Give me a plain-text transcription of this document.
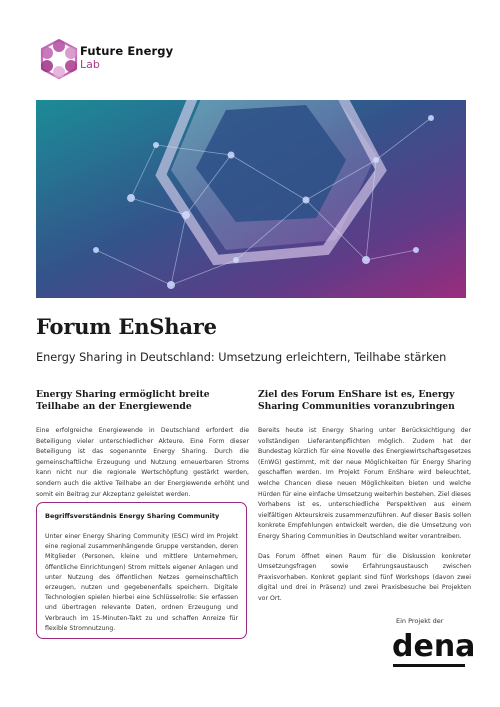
Future Energy
Lab
Forum EnShare

Energy Sharing in Deutschland: Umsetzung erleichtern, Teilhabe stärken

Energy Sharing ermöglicht breite Teilhabe an der Energiewende

Eine erfolgreiche Energiewende in Deutschland erfordert die Beteiligung vieler unterschiedlicher Akteure. Eine Form dieser Beteiligung ist das sogenannte Energy Sharing. Durch die gemeinschaftliche Erzeugung und Nutzung erneuerbaren Stroms kann nicht nur die regionale Wertschöpfung gestärkt werden, sondern auch die aktive Teilhabe an der Energiewende erhöht und somit ein Beitrag zur Akzeptanz geleistet werden.

Begriffsverständnis Energy Sharing Community

Unter einer Energy Sharing Community (ESC) wird im Projekt eine regional zusammenhängende Gruppe verstanden, deren Mitglieder (Personen, kleine und mittlere Unternehmen, öffentliche Einrichtungen) Strom mittels eigener Anlagen und unter Nutzung des öffentlichen Netzes gemeinschaftlich erzeugen, nutzen und gegebenenfalls speichern. Digitale Technologien spielen hierbei eine Schlüsselrolle: Sie erfassen und übertragen relevante Daten, ordnen Erzeugung und Verbrauch im 15-Minuten-Takt zu und schaffen Anreize für flexible Stromnutzung.

Ziel des Forum EnShare ist es, Energy Sharing Communities voranzubringen

Bereits heute ist Energy Sharing unter Berücksichtigung der vollständigen Lieferantenpflichten möglich. Zudem hat der Bundestag kürzlich für eine Novelle des Energiewirtschaftsgesetzes (EnWG) gestimmt, mit der neue Möglichkeiten für Energy Sharing geschaffen werden. Im Projekt Forum EnShare wird beleuchtet, welche Chancen diese neuen Möglichkeiten bieten und welche Hürden für eine einfache Umsetzung weiterhin bestehen. Ziel dieses Vorhabens ist es, unterschiedliche Perspektiven aus einem vielfältigen Akteurskreis zusammenzuführen. Auf dieser Basis sollen konkrete Empfehlungen entwickelt werden, die die Umsetzung von Energy Sharing Communities in Deutschland weiter vorantreiben.

Das Forum öffnet einen Raum für die Diskussion konkreter Umsetzungsfragen sowie Erfahrungsaustausch zwischen Praxisvorhaben. Konkret geplant sind fünf Workshops (davon zwei digital und drei in Präsenz) und zwei Praxisbesuche bei Projekten vor Ort.

Ein Projekt der

dena
